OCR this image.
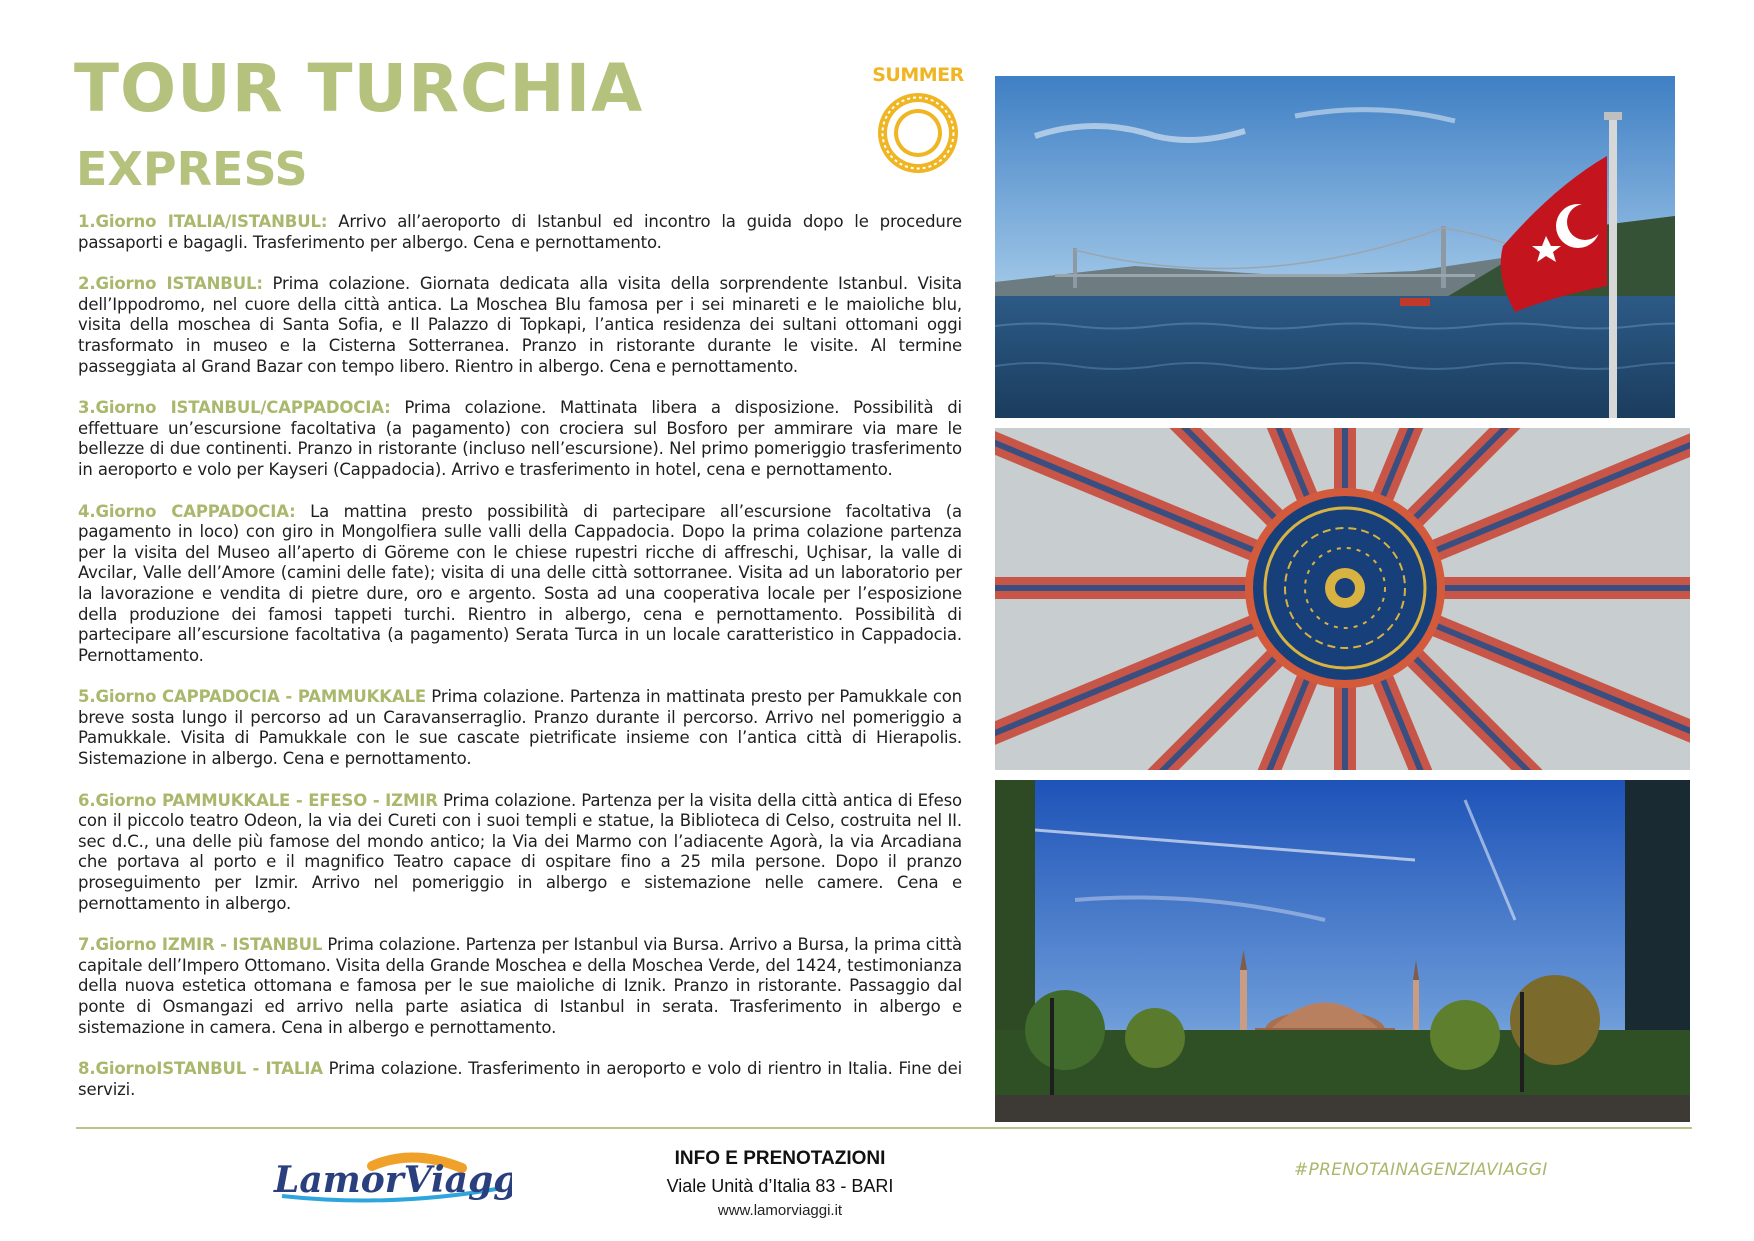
TOUR TURCHIA
EXPRESS
SUMMER

1.Giorno ITALIA/ISTANBUL: Arrivo all’aeroporto di Istanbul ed incontro la guida dopo le procedure passaporti e bagagli. Trasferimento per albergo. Cena e pernottamento.

2.Giorno ISTANBUL: Prima colazione. Giornata dedicata alla visita della sorprendente Istanbul. Visita dell’Ippodromo, nel cuore della città antica. La Moschea Blu famosa per i sei minareti e le maioliche blu, visita della moschea di Santa Sofia, e Il Palazzo di Topkapi, l’antica residenza dei sultani ottomani oggi trasformato in museo e la Cisterna Sotterranea. Pranzo in ristorante durante le visite. Al termine passeggiata al Grand Bazar con tempo libero. Rientro in albergo. Cena e pernottamento.

3.Giorno ISTANBUL/CAPPADOCIA: Prima colazione. Mattinata libera a disposizione. Possibilità di effettuare un’escursione facoltativa (a pagamento) con crociera sul Bosforo per ammirare via mare le bellezze di due continenti. Pranzo in ristorante (incluso nell’escursione). Nel primo pomeriggio trasferimento in aeroporto e volo per Kayseri (Cappadocia). Arrivo e trasferimento in hotel, cena e pernottamento.

4.Giorno CAPPADOCIA: La mattina presto possibilità di partecipare all’escursione facoltativa (a pagamento in loco) con giro in Mongolfiera sulle valli della Cappadocia. Dopo la prima colazione partenza per la visita del Museo all’aperto di Göreme con le chiese rupestri ricche di affreschi, Uçhisar, la valle di Avcilar, Valle dell’Amore (camini delle fate); visita di una delle città sottorranee. Visita ad un laboratorio per la lavorazione e vendita di pietre dure, oro e argento. Sosta ad una cooperativa locale per l’esposizione della produzione dei famosi tappeti turchi. Rientro in albergo, cena e pernottamento. Possibilità di partecipare all’escursione facoltativa (a pagamento) Serata Turca in un locale caratteristico in Cappadocia. Pernottamento.

5.Giorno CAPPADOCIA - PAMMUKKALE Prima colazione. Partenza in mattinata presto per Pamukkale con breve sosta lungo il percorso ad un Caravanserraglio. Pranzo durante il percorso. Arrivo nel pomeriggio a Pamukkale. Visita di Pamukkale con le sue cascate pietrificate insieme con l’antica città di Hierapolis. Sistemazione in albergo. Cena e pernottamento.

6.Giorno PAMMUKKALE - EFESO - IZMIR Prima colazione. Partenza per la visita della città antica di Efeso con il piccolo teatro Odeon, la via dei Cureti con i suoi templi e statue, la Biblioteca di Celso, costruita nel II. sec d.C., una delle più famose del mondo antico; la Via dei Marmo con l’adiacente Agorà, la via Arcadiana che portava al porto e il magnifico Teatro capace di ospitare fino a 25 mila persone. Dopo il pranzo proseguimento per Izmir. Arrivo nel pomeriggio in albergo e sistemazione nelle camere. Cena e pernottamento in albergo.

7.Giorno IZMIR - ISTANBUL Prima colazione. Partenza per Istanbul via Bursa. Arrivo a Bursa, la prima città capitale dell’Impero Ottomano. Visita della Grande Moschea e della Moschea Verde, del 1424, testimonianza della nuova estetica ottomana e famosa per le sue maioliche di Iznik. Pranzo in ristorante. Passaggio dal ponte di Osmangazi ed arrivo nella parte asiatica di Istanbul in serata. Trasferimento in albergo e sistemazione in camera. Cena in albergo e pernottamento.

8.GiornoISTANBUL - ITALIA Prima colazione. Trasferimento in aeroporto e volo di rientro in Italia. Fine dei servizi.

LamorViaggi
INFO E PRENOTAZIONI
Viale Unità d’Italia 83 - BARI
www.lamorviaggi.it
#PRENOTAINAGENZIAVIAGGI
